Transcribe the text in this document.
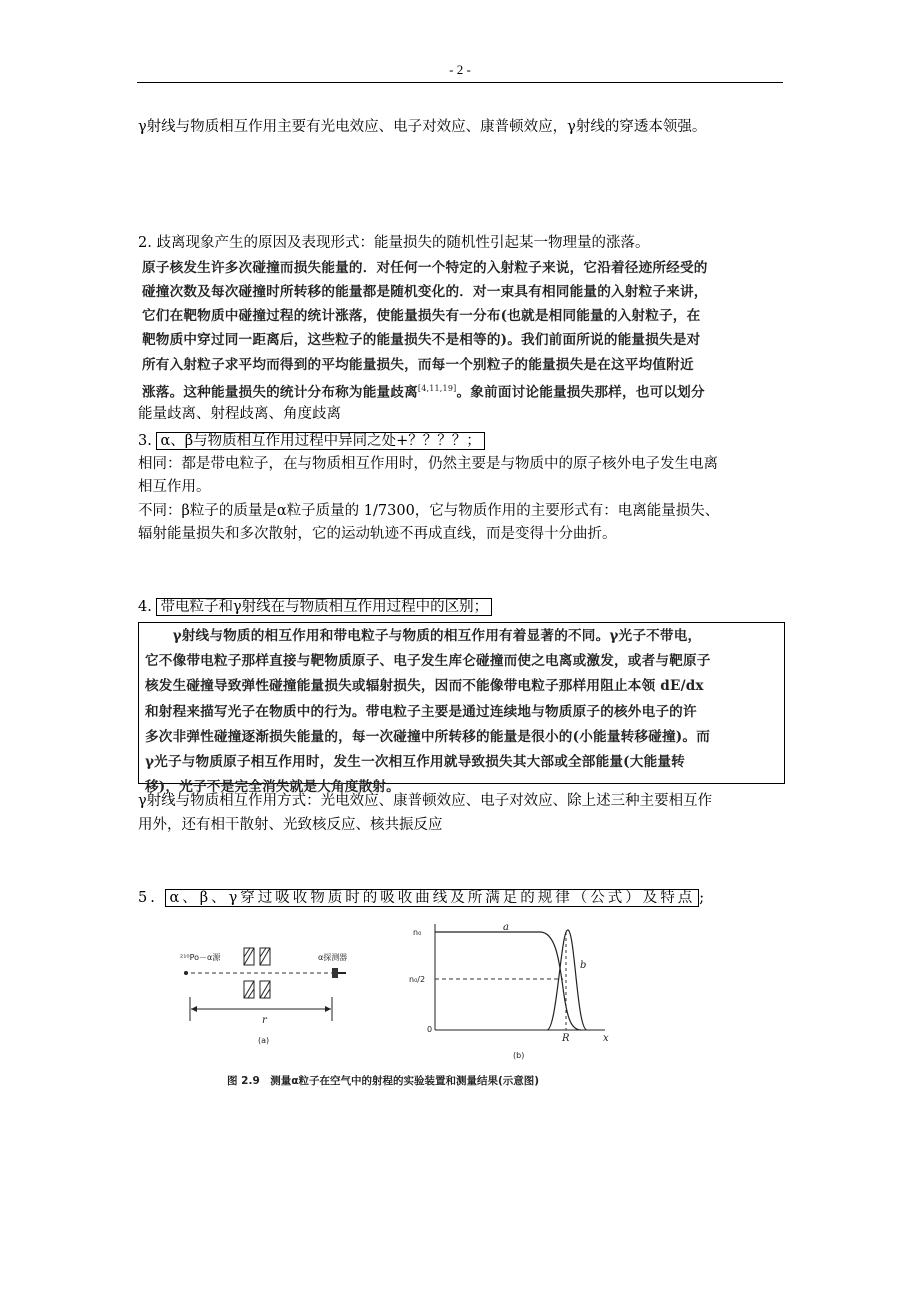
- 2 -

γ射线与物质相互作用主要有光电效应、电子对效应、康普顿效应，γ射线的穿透本领强。

2. 歧离现象产生的原因及表现形式：能量损失的随机性引起某一物理量的涨落。

原子核发生许多次碰撞而损失能量的．对任何一个特定的入射粒子来说，它沿着径迹所经受的

碰撞次数及每次碰撞时所转移的能量都是随机变化的．对一束具有相同能量的入射粒子来讲，

它们在靶物质中碰撞过程的统计涨落，使能量损失有一分布(也就是相同能量的入射粒子，在

靶物质中穿过同一距离后，这些粒子的能量损失不是相等的)。我们前面所说的能量损失是对

所有入射粒子求平均而得到的平均能量损失，而每一个别粒子的能量损失是在这平均值附近

涨落。这种能量损失的统计分布称为能量歧离[4,11,19]。象前面讨论能量损失那样，也可以划分

能量歧离、射程歧离、角度歧离

3. α、β与物质相互作用过程中异同之处+？？？？；

相同：都是带电粒子，在与物质相互作用时，仍然主要是与物质中的原子核外电子发生电离

相互作用。

不同：β粒子的质量是α粒子质量的 1/7300，它与物质作用的主要形式有：电离能量损失、

辐射能量损失和多次散射，它的运动轨迹不再成直线，而是变得十分曲折。

4. 带电粒子和γ射线在与物质相互作用过程中的区别；

　　γ射线与物质的相互作用和带电粒子与物质的相互作用有着显著的不同。γ光子不带电，

它不像带电粒子那样直接与靶物质原子、电子发生库仑碰撞而使之电离或激发，或者与靶原子

核发生碰撞导致弹性碰撞能量损失或辐射损失，因而不能像带电粒子那样用阻止本领 dE/dx

和射程来描写光子在物质中的行为。带电粒子主要是通过连续地与物质原子的核外电子的许

多次非弹性碰撞逐渐损失能量的，每一次碰撞中所转移的能量是很小的(小能量转移碰撞)。而

γ光子与物质原子相互作用时，发生一次相互作用就导致损失其大部或全部能量(大能量转

移)，光子不是完全消失就是大角度散射。

γ射线与物质相互作用方式：光电效应、康普顿效应、电子对效应、除上述三种主要相互作

用外，还有相干散射、光致核反应、核共振反应

5. α、β、γ穿过吸收物质时的吸收曲线及所满足的规律（公式）及特点 ;

²¹⁰Po－α源	α探测器
r
(a)
n₀
n₀/2
0
a
b
R	x
(b)
图 2.9　测量α粒子在空气中的射程的实验装置和测量结果(示意图)
